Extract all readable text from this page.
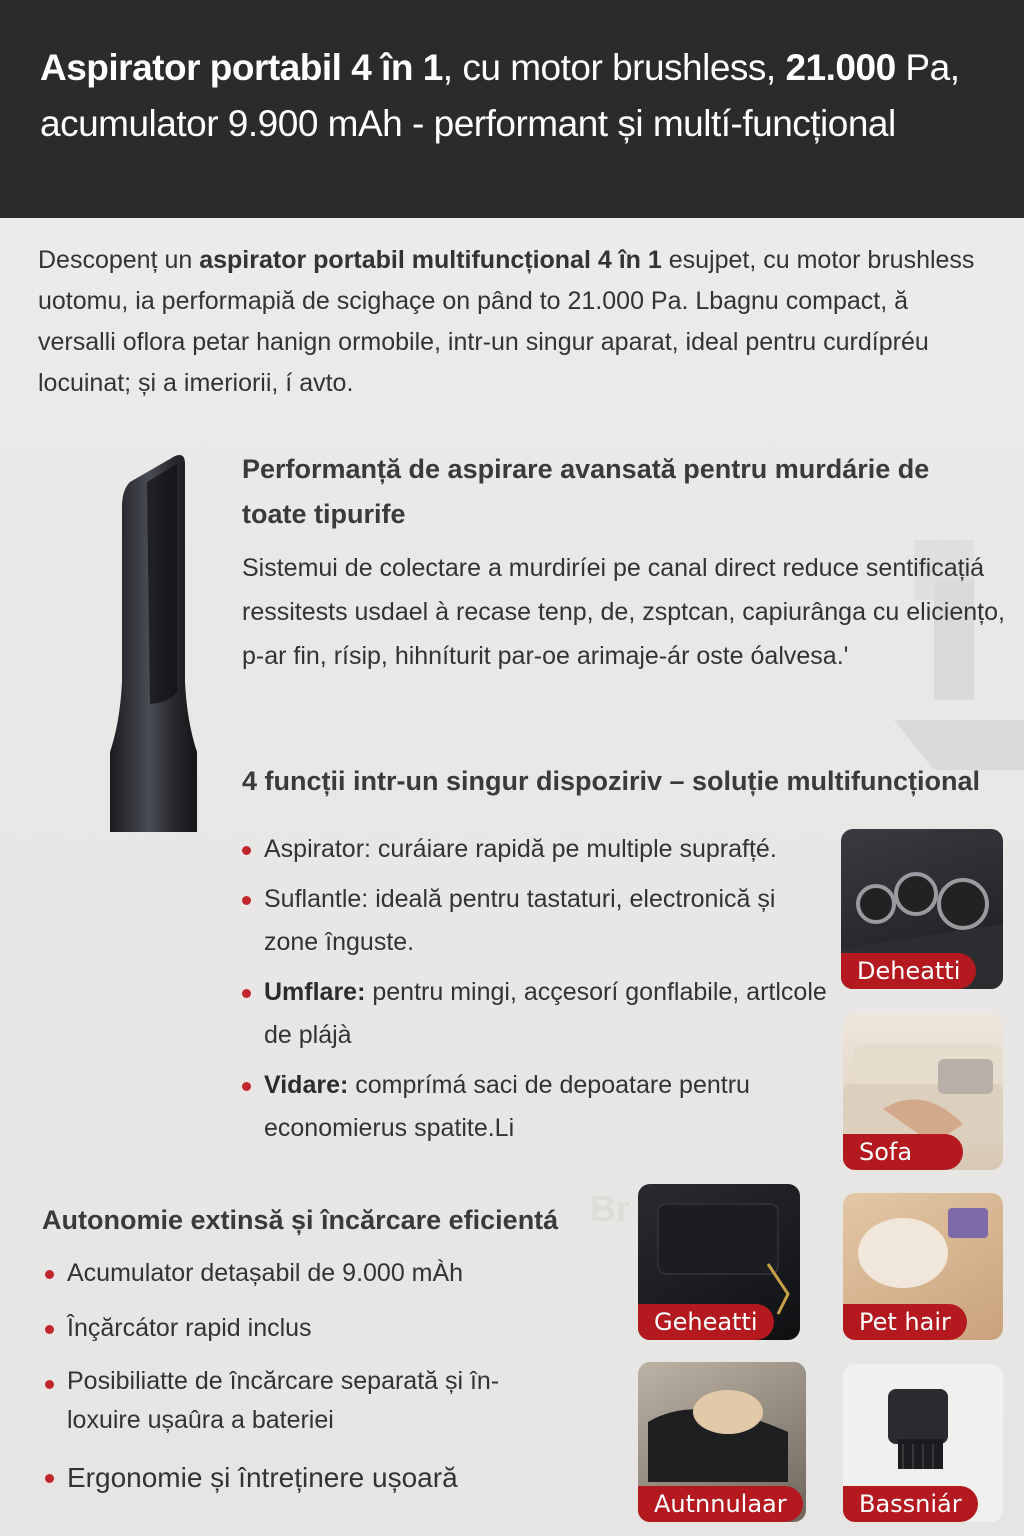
Aspirator portabil 4 în 1, cu motor brushless, 21.000 Pa, acumulator 9.900 mAh - performant și multí-funcțional

Descopenț un aspirator portabil multifuncțional 4 în 1 esujpet, cu motor brushless uotomu, ia performapiă de scighaçe on pând to 21.000 Pa. Lbagnu compact, ă versalli oflora petar hanign ormobile, intr-un singur aparat, ideal pentru curdípréu locuinat; și a imeriorii, í avto.

Performanță de aspirare avansată pentru murdárie de toate tipurife
Sistemui de colectare a murdiríei pe canal direct reduce sentificațiá ressitests usdael à recase tenp, de, zsptcan, capiurânga cu eliciențo, p-ar fin, rísip, hihníturit par-oe arimaje-ár oste óalvesa.'
4 funcții intr-un singur dispoziriv – soluție multifuncțional
Aspirator: curáiare rapidă pe multiple suprafțé.
Suflantle: ideală pentru tastaturi, electronică și zone înguste.
Umflare: pentru mingi, acçesorí gonflabile, artlcole de plájà
Vidare: comprímá saci de depoatare pentru economierus spatite.Li
Br
Autonomie extinsă și încărcare eficientá
Acumulator detașabil de 9.000 mÀh
Înçărcátor rapid inclus
Posibiliatte de încărcare separată și în-loxuire ușaûra a bateriei
Ergonomie și întreținere ușoară
Deheatti
Sofa
Geheatti	Pet hair
Autnnulaar	Bassniár
